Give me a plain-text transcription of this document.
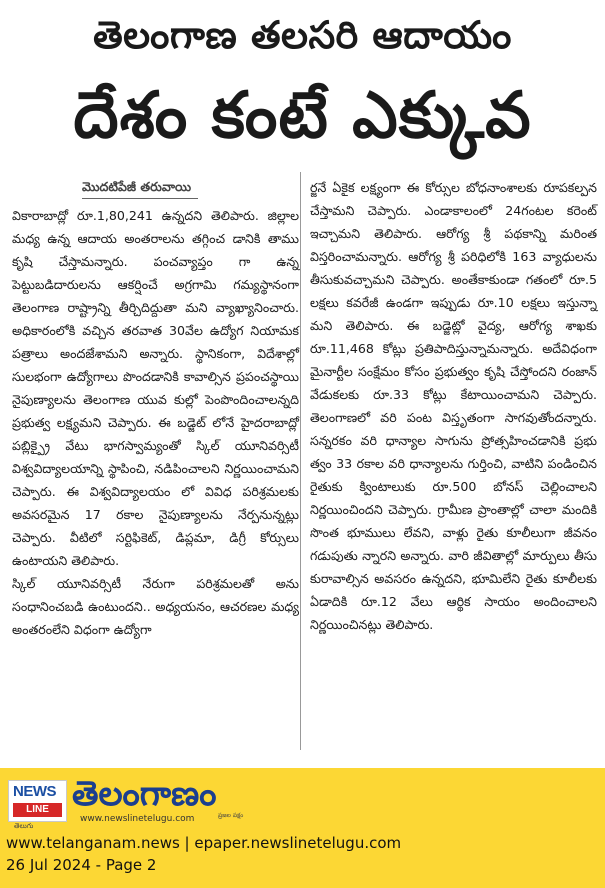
తెలంగాణ తలసరి ఆదాయం
దేశం కంటే ఎక్కువ
మొదటిపేజీ తరువాయి

వికారాబాద్లో రూ.1,80,241 ఉన్నదని తెలిపారు. జిల్లాల మధ్య ఉన్న ఆదాయ అంతరాలను తగ్గించ డానికి తాము కృషి చేస్తామన్నారు. పంచవ్యాప్తం గా ఉన్న పెట్టుబడిదారులను ఆకర్షించే అగ్రగామి గమ్యస్థానంగా తెలంగాణ రాష్ట్రాన్ని తీర్చిదిద్దుతా మని వ్యాఖ్యానించారు. అధికారంలోకి వచ్చిన తరవాత 30వేల ఉద్యోగ నియామక పత్రాలు అందజేశామని అన్నారు. స్థానికంగా, విదేశాల్లో సులభంగా ఉద్యోగాలు పొందడానికి కావాల్సిన ప్రపంచస్థాయి నైపుణ్యాలను తెలంగాణ యువ కుల్లో పెంపొందించాలన్నది ప్రభుత్వ లక్ష్యమని చెప్పారు. ఈ బడ్జెట్ లోనే హైదరాబాద్లో పబ్లిక్ప్రై వేటు భాగస్వామ్యంతో స్కిల్ యూనివర్సిటీ విశ్వవిద్యాలయాన్ని స్థాపించి, నడిపించాలని నిర్ణయించామని చెప్పారు. ఈ విశ్వవిద్యాలయం లో వివిధ పరిశ్రమలకు అవసరమైన 17 రకాల నైపుణ్యాలను నేర్పనున్నట్లు చెప్పారు. వీటిలో సర్టిఫికెట్, డిప్లమా, డిగ్రీ కోర్సులు ఉంటాయని తెలిపారు.

స్కిల్ యూనివర్సిటీ నేరుగా పరిశ్రమలతో అను సంధానించబడి ఉంటుందని.. అధ్యయనం, ఆచరణల మధ్య అంతరంలేని విధంగా ఉద్యోగా

ర్జనే ఏకైక లక్ష్యంగా ఈ కోర్సుల బోధనాంశాలకు రూపకల్పన చేస్తామని చెప్పారు. ఎండాకాలంలో 24గంటల కరెంట్ ఇచ్చామని తెలిపారు. ఆరోగ్య శ్రీ పథకాన్ని మరింత విస్తరించామన్నారు. ఆరోగ్య శ్రీ పరిధిలోకి 163 వ్యాధులను తీసుకువచ్చామని చెప్పారు. అంతేకాకుండా గతంలో రూ.5 లక్షలు కవరేజీ ఉండగా ఇప్పుడు రూ.10 లక్షలు ఇస్తున్నా మని తెలిపారు. ఈ బడ్జెట్లో వైద్య, ఆరోగ్య శాఖకు రూ.11,468 కోట్లు ప్రతిపాదిస్తున్నామన్నారు. అదేవిధంగా మైనార్టీల సంక్షేమం కోసం ప్రభుత్వం కృషి చేస్తోందని రంజాన్ వేడుకలకు రూ.33 కోట్లు కేటాయించామని చెప్పారు. తెలంగాణలో వరి పంట విస్తృతంగా సాగవుతోందన్నారు. సన్నరకం వరి ధాన్యాల సాగును ప్రోత్సహించడానికి ప్రభు త్వం 33 రకాల వరి ధాన్యాలను గుర్తించి, వాటిని పండించిన రైతుకు క్వింటాలుకు రూ.500 బోనస్ చెల్లించాలని నిర్ణయించిందని చెప్పారు. గ్రామీణ ప్రాంతాల్లో చాలా మందికి సొంత భూములు లేవని, వాళ్లు రైతు కూలీలుగా జీవనం గడుపుతు న్నారని అన్నారు. వారి జీవితాల్లో మార్పులు తీసు కురావాల్సిన అవసరం ఉన్నదని, భూమిలేని రైతు కూలీలకు ఏడాదికి రూ.12 వేలు ఆర్థిక సాయం అందించాలని నిర్ణయించినట్లు తెలిపారు.

NEWS
LINE
తెలుగు
తెలంగాణం
ప్రజల పక్షం
www.newslinetelugu.com
www.telanganam.news | epaper.newslinetelugu.com
26 Jul 2024 - Page 2
